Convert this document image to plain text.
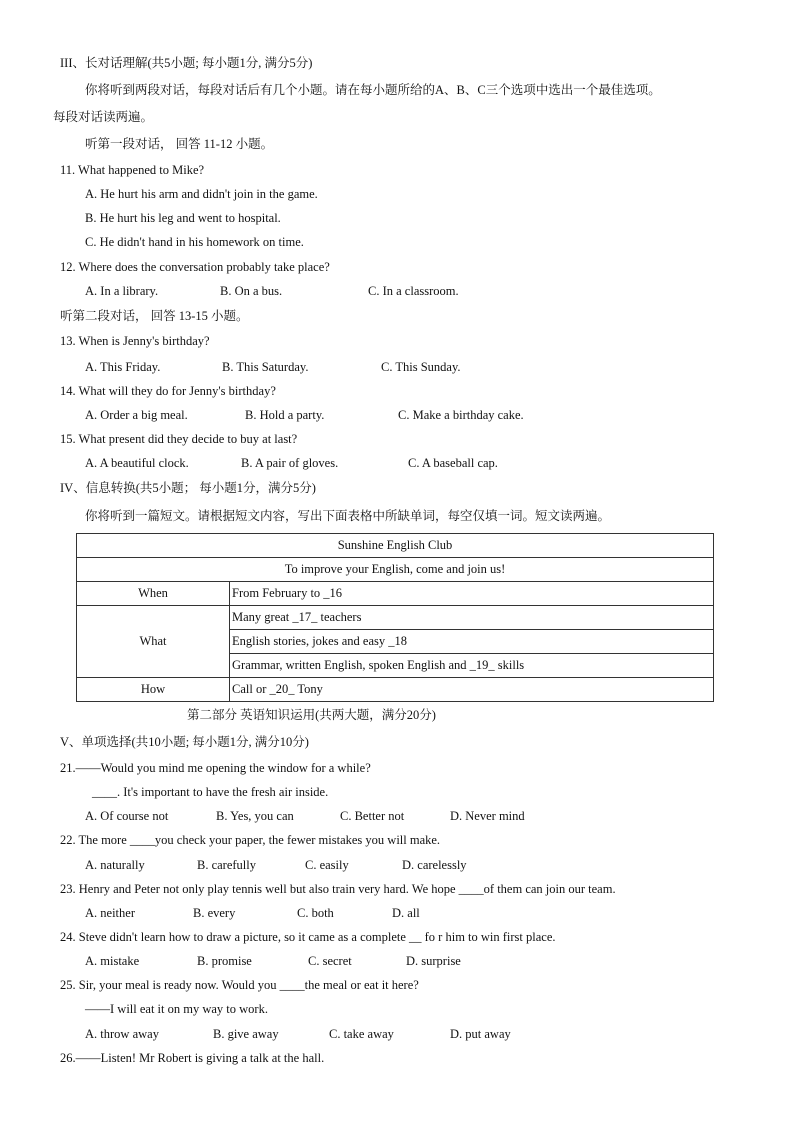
III、长对话理解(共5小题; 每小题1分, 满分5分)
你将听到两段对话，每段对话后有几个小题。请在每小题所给的A、B、C三个选项中选出一个最佳选项。
每段对话读两遍。
听第一段对话， 回答 11-12 小题。
11. What happened to Mike?
A. He hurt his arm and didn't join in the game.
B. He hurt his leg and went to hospital.
C. He didn't hand in his homework on time.
12. Where does the conversation probably take place?
A. In a library.	B. On a bus.	C. In a classroom.
听第二段对话， 回答 13-15 小题。
13. When is Jenny's birthday?
A. This Friday.	B. This Saturday.	C. This Sunday.
14. What will they do for Jenny's birthday?
A. Order a big meal.	B. Hold a party.	C. Make a birthday cake.
15. What present did they decide to buy at last?
A. A beautiful clock.	B. A pair of gloves.	C. A baseball cap.
IV、信息转换(共5小题； 每小题1分，满分5分)
你将听到一篇短文。请根据短文内容，写出下面表格中所缺单词，每空仅填一词。短文读两遍。
Sunshine English Club	
To improve your English, come and join us!	
When	From February to _16
What	Many great _17_ teachers
	English stories, jokes and easy _18
	Grammar, written English, spoken English and _19_ skills
How	Call or _20_ Tony
第二部分 英语知识运用(共两大题，满分20分)
V、单项选择(共10小题; 每小题1分, 满分10分)
21.——Would you mind me opening the window for a while?
____. It's important to have the fresh air inside.
A. Of course not	B. Yes, you can	C. Better not	D. Never mind
22. The more ____you check your paper, the fewer mistakes you will make.
A. naturally	B. carefully	C. easily	D. carelessly
23. Henry and Peter not only play tennis well but also train very hard. We hope ____of them can join our team.
A. neither	B. every	C. both	D. all
24. Steve didn't learn how to draw a picture, so it came as a complete __ fo r him to win first place.
A. mistake	B. promise	C. secret	D. surprise
25. Sir, your meal is ready now. Would you ____the meal or eat it here?
——I will eat it on my way to work.
A. throw away	B. give away	C. take away	D. put away
26.——Listen! Mr Robert is giving a talk at the hall.
